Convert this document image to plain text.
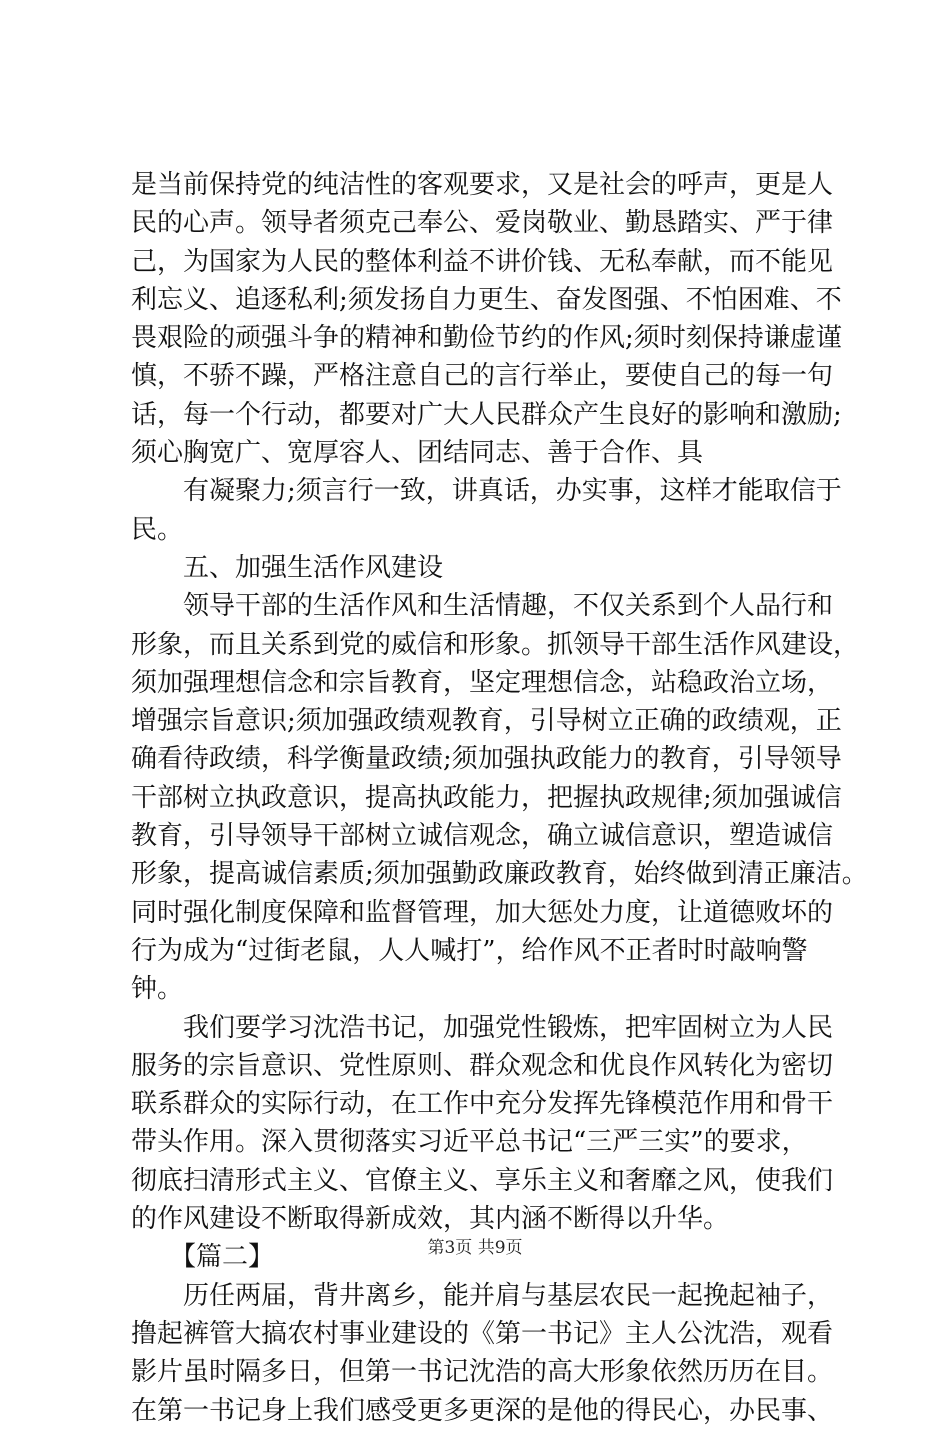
是当前保持党的纯洁性的客观要求，又是社会的呼声，更是人
民的心声。领导者须克己奉公、爱岗敬业、勤恳踏实、严于律
己，为国家为人民的整体利益不讲价钱、无私奉献，而不能见
利忘义、追逐私利;须发扬自力更生、奋发图强、不怕困难、不
畏艰险的顽强斗争的精神和勤俭节约的作风;须时刻保持谦虚谨
慎，不骄不躁，严格注意自己的言行举止，要使自己的每一句
话，每一个行动，都要对广大人民群众产生良好的影响和激励;
须心胸宽广、宽厚容人、团结同志、善于合作、具
　　有凝聚力;须言行一致，讲真话，办实事，这样才能取信于
民。
　　五、加强生活作风建设
　　领导干部的生活作风和生活情趣，不仅关系到个人品行和
形象，而且关系到党的威信和形象。抓领导干部生活作风建设，
须加强理想信念和宗旨教育，坚定理想信念，站稳政治立场，
增强宗旨意识;须加强政绩观教育，引导树立正确的政绩观，正
确看待政绩，科学衡量政绩;须加强执政能力的教育，引导领导
干部树立执政意识，提高执政能力，把握执政规律;须加强诚信
教育，引导领导干部树立诚信观念，确立诚信意识，塑造诚信
形象，提高诚信素质;须加强勤政廉政教育，始终做到清正廉洁。
同时强化制度保障和监督管理，加大惩处力度，让道德败坏的
行为成为“过街老鼠，人人喊打”，给作风不正者时时敲响警
钟。
　　我们要学习沈浩书记，加强党性锻炼，把牢固树立为人民
服务的宗旨意识、党性原则、群众观念和优良作风转化为密切
联系群众的实际行动，在工作中充分发挥先锋模范作用和骨干
带头作用。深入贯彻落实习近平总书记“三严三实”的要求，
彻底扫清形式主义、官僚主义、享乐主义和奢靡之风，使我们
的作风建设不断取得新成效，其内涵不断得以升华。
　　【篇二】
　　历任两届，背井离乡，能并肩与基层农民一起挽起袖子，
撸起裤管大搞农村事业建设的《第一书记》主人公沈浩，观看
影片虽时隔多日，但第一书记沈浩的高大形象依然历历在目。
在第一书记身上我们感受更多更深的是他的得民心，办民事、
第3页 共9页
